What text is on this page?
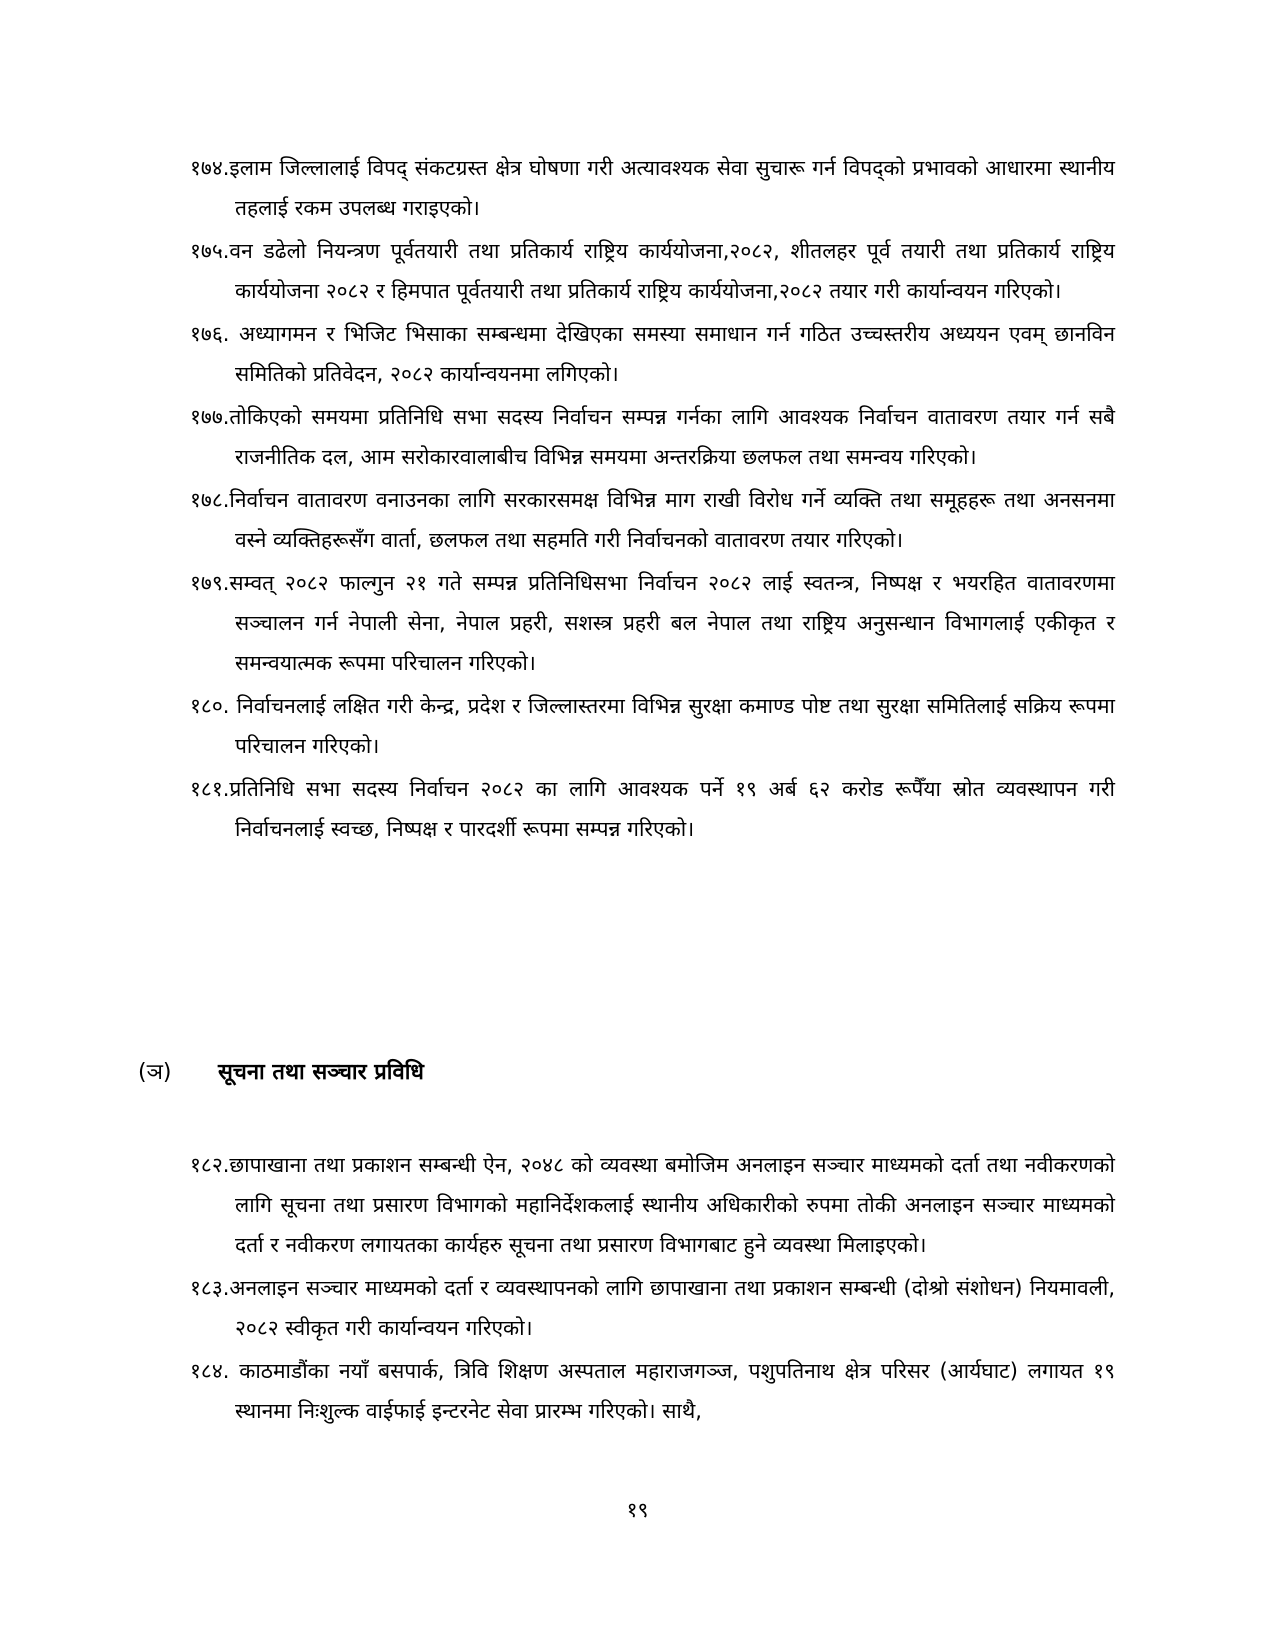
१७४.इलाम जिल्लालाई विपद् संकटग्रस्त क्षेत्र घोषणा गरी अत्यावश्यक सेवा सुचारू गर्न विपद्को प्रभावको आधारमा स्थानीय तहलाई रकम उपलब्ध गराइएको।

१७५.वन डढेलो नियन्त्रण पूर्वतयारी तथा प्रतिकार्य राष्ट्रिय कार्ययोजना,२०८२, शीतलहर पूर्व तयारी तथा प्रतिकार्य राष्ट्रिय कार्ययोजना २०८२ र हिमपात पूर्वतयारी तथा प्रतिकार्य राष्ट्रिय कार्ययोजना,२०८२ तयार गरी कार्यान्वयन गरिएको।

१७६. अध्यागमन र भिजिट भिसाका सम्बन्धमा देखिएका समस्या समाधान गर्न गठित उच्चस्तरीय अध्ययन एवम् छानविन समितिको प्रतिवेदन, २०८२ कार्यान्वयनमा लगिएको।

१७७.तोकिएको समयमा प्रतिनिधि सभा सदस्य निर्वाचन सम्पन्न गर्नका लागि आवश्यक निर्वाचन वातावरण तयार गर्न सबै राजनीतिक दल, आम सरोकारवालाबीच विभिन्न समयमा अन्तरक्रिया छलफल तथा समन्वय गरिएको।

१७८.निर्वाचन वातावरण वनाउनका लागि सरकारसमक्ष विभिन्न माग राखी विरोध गर्ने व्यक्ति तथा समूहहरू तथा अनसनमा वस्ने व्यक्तिहरूसँग वार्ता, छलफल तथा सहमति गरी निर्वाचनको वातावरण तयार गरिएको।

१७९.सम्वत् २०८२ फाल्गुन २१ गते सम्पन्न प्रतिनिधिसभा निर्वाचन २०८२ लाई स्वतन्त्र, निष्पक्ष र भयरहित वातावरणमा सञ्चालन गर्न नेपाली सेना, नेपाल प्रहरी, सशस्त्र प्रहरी बल नेपाल तथा राष्ट्रिय अनुसन्धान विभागलाई एकीकृत र समन्वयात्मक रूपमा परिचालन गरिएको।

१८०. निर्वाचनलाई लक्षित गरी केन्द्र, प्रदेश र जिल्लास्तरमा विभिन्न सुरक्षा कमाण्ड पोष्ट तथा सुरक्षा समितिलाई सक्रिय रूपमा परिचालन गरिएको।

१८१.प्रतिनिधि सभा सदस्य निर्वाचन २०८२ का लागि आवश्यक पर्ने १९ अर्ब ६२ करोड रूपैँया स्रोत व्यवस्थापन गरी निर्वाचनलाई स्वच्छ, निष्पक्ष र पारदर्शी रूपमा सम्पन्न गरिएको।

(ञ) सूचना तथा सञ्चार प्रविधि

१८२.छापाखाना तथा प्रकाशन सम्बन्धी ऐन, २०४८ को व्यवस्था बमोजिम अनलाइन सञ्चार माध्यमको दर्ता तथा नवीकरणको लागि सूचना तथा प्रसारण विभागको महानिर्देशकलाई स्थानीय अधिकारीको रुपमा तोकी अनलाइन सञ्चार माध्यमको दर्ता र नवीकरण लगायतका कार्यहरु सूचना तथा प्रसारण विभागबाट हुने व्यवस्था मिलाइएको।

१८३.अनलाइन सञ्चार माध्यमको दर्ता र व्यवस्थापनको लागि छापाखाना तथा प्रकाशन सम्बन्धी (दोश्रो संशोधन) नियमावली, २०८२ स्वीकृत गरी कार्यान्वयन गरिएको।

१८४. काठमाडौंका नयाँ बसपार्क, त्रिवि शिक्षण अस्पताल महाराजगञ्ज, पशुपतिनाथ क्षेत्र परिसर (आर्यघाट) लगायत १९ स्थानमा निःशुल्क वाईफाई इन्टरनेट सेवा प्रारम्भ गरिएको। साथै,

१९
